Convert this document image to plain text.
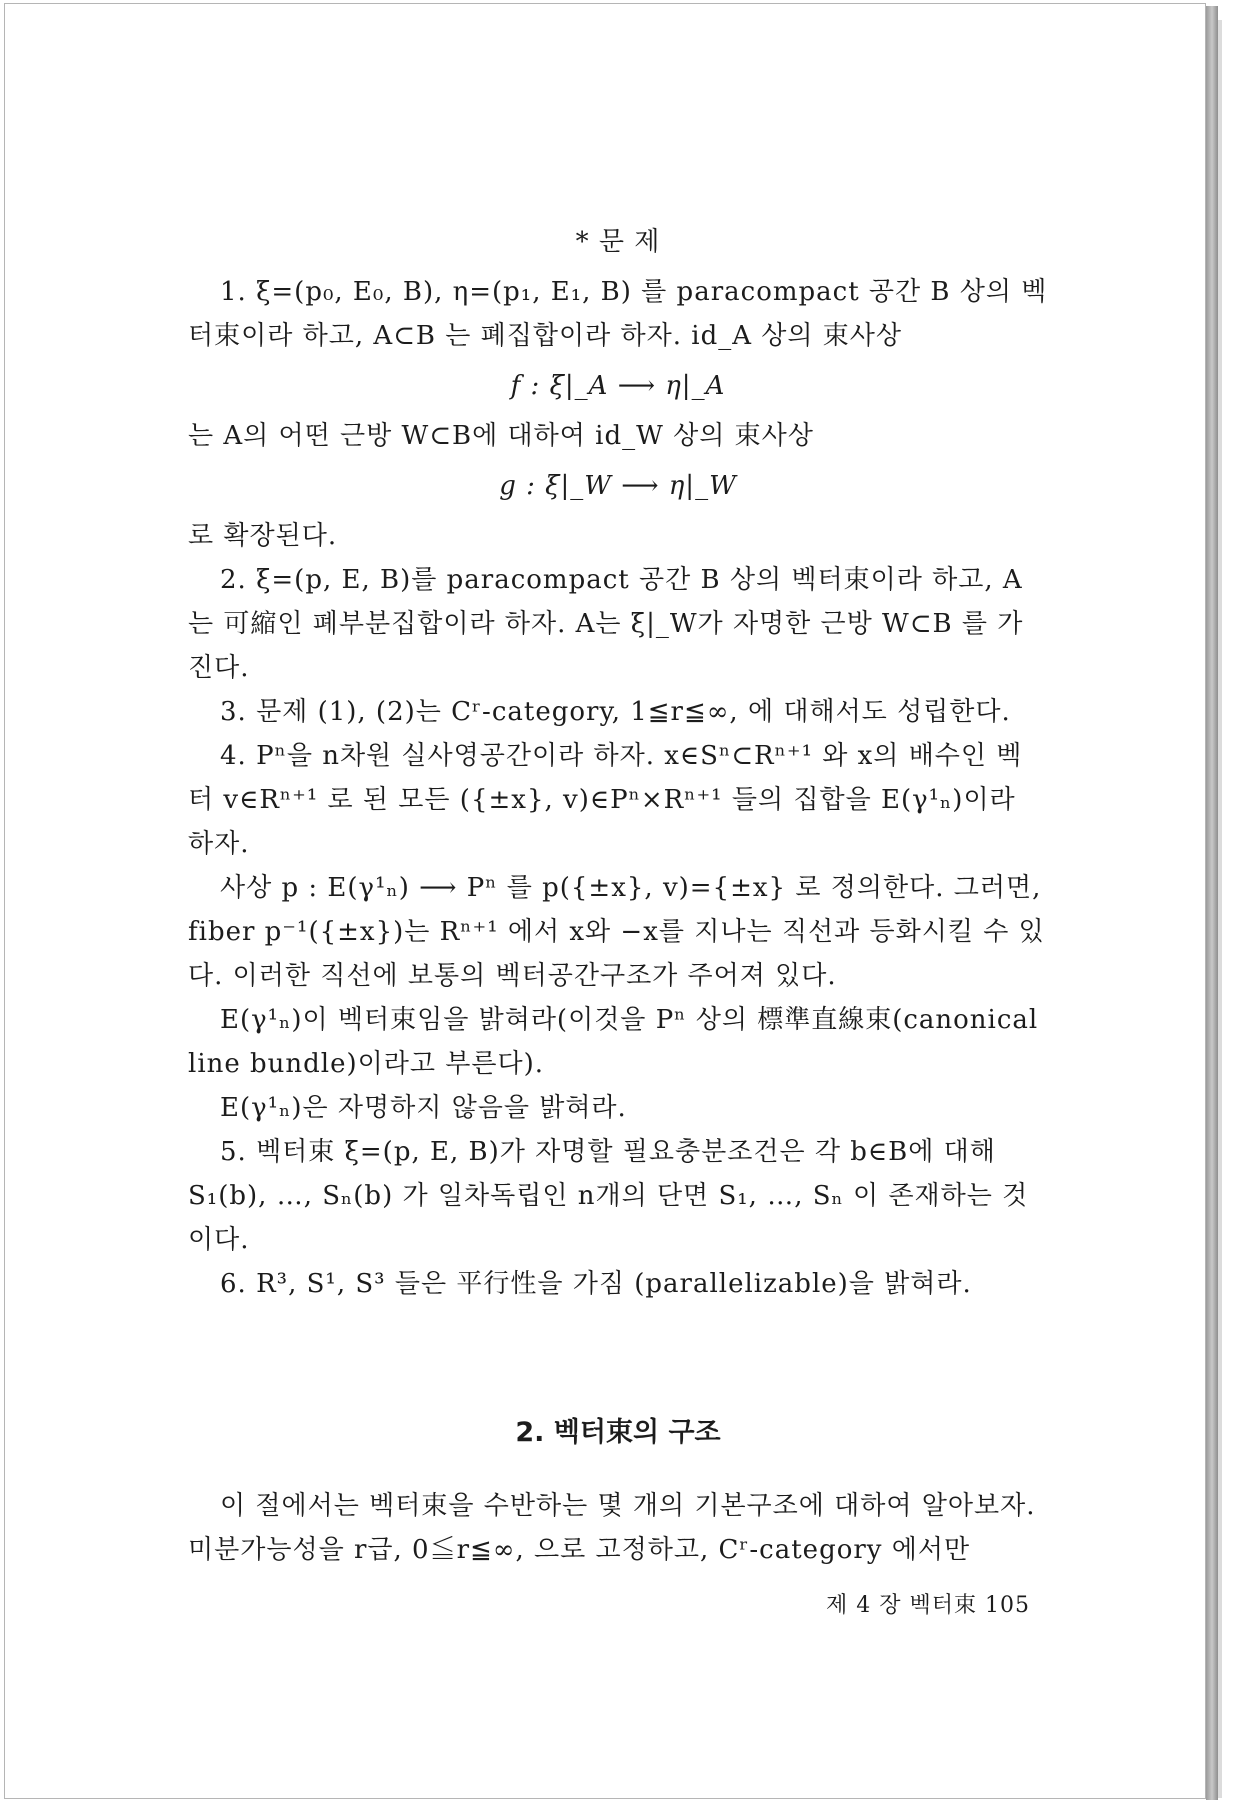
* 문 제

1. ξ=(p₀, E₀, B), η=(p₁, E₁, B) 를 paracompact 공간 B 상의 벡터束이라 하고, A⊂B 는 폐집합이라 하자. id_A 상의 束사상

f : ξ|_A ⟶ η|_A

는 A의 어떤 근방 W⊂B에 대하여 id_W 상의 束사상

g : ξ|_W ⟶ η|_W

로 확장된다.

2. ξ=(p, E, B)를 paracompact 공간 B 상의 벡터束이라 하고, A 는 可縮인 폐부분집합이라 하자. A는 ξ|_W가 자명한 근방 W⊂B 를 가진다.

3. 문제 (1), (2)는 Cʳ-category, 1≦r≦∞, 에 대해서도 성립한다.

4. Pⁿ을 n차원 실사영공간이라 하자. x∈Sⁿ⊂Rⁿ⁺¹ 와 x의 배수인 벡터 v∈Rⁿ⁺¹ 로 된 모든 ({±x}, v)∈Pⁿ×Rⁿ⁺¹ 들의 집합을 E(γ¹ₙ)이라 하자.

사상 p : E(γ¹ₙ) ⟶ Pⁿ 를 p({±x}, v)={±x} 로 정의한다. 그러면, fiber p⁻¹({±x})는 Rⁿ⁺¹ 에서 x와 −x를 지나는 직선과 등화시킬 수 있다. 이러한 직선에 보통의 벡터공간구조가 주어져 있다.

E(γ¹ₙ)이 벡터束임을 밝혀라(이것을 Pⁿ 상의 標準直線束(canonical line bundle)이라고 부른다).

E(γ¹ₙ)은 자명하지 않음을 밝혀라.

5. 벡터束 ξ=(p, E, B)가 자명할 필요충분조건은 각 b∈B에 대해 S₁(b), …, Sₙ(b) 가 일차독립인 n개의 단면 S₁, …, Sₙ 이 존재하는 것이다.

6. R³, S¹, S³ 들은 平行性을 가짐 (parallelizable)을 밝혀라.

2. 벡터束의 구조

이 절에서는 벡터束을 수반하는 몇 개의 기본구조에 대하여 알아보자. 미분가능성을 r급, 0≦r≦∞, 으로 고정하고, Cʳ-category 에서만

제 4 장 벡터束 105
